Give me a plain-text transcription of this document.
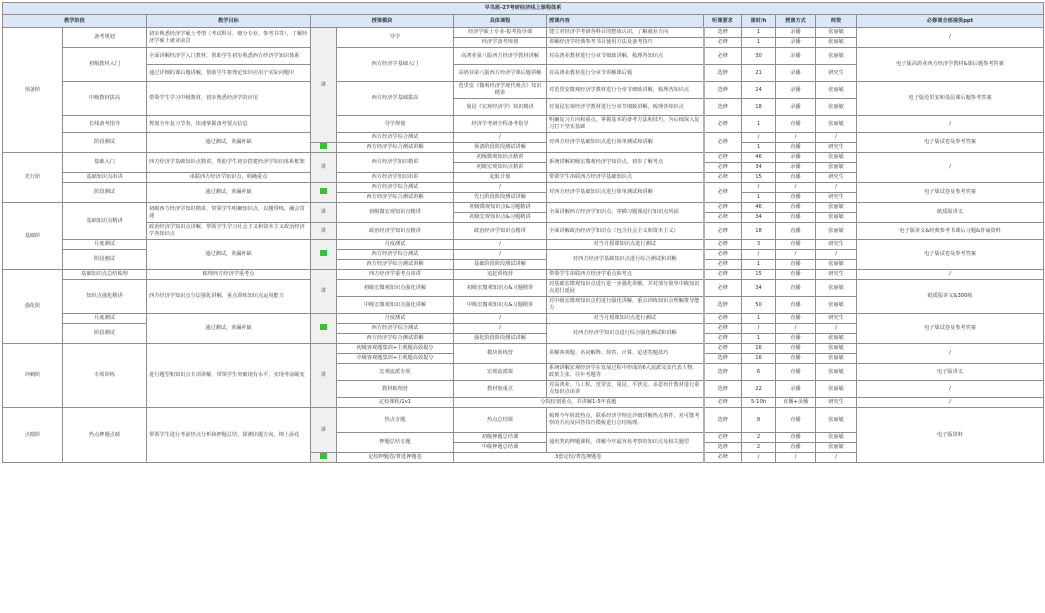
早鸟班-27考研经济线上课程体系											
教学阶段		教学目标	授课模块		具体课程	授课内容	听课要求	课时/h	授课方式	师资	必修课全部提供ppt
预备阶	备考规划	初步熟悉经济学硕士考情（考试科目、细分专业、参考书等），了解经济学硕士就业前景	讲	导学	经济学硕士专业-报考指导课	建立对经济学考研各科目的整体认识，了解就业方向	选修	1	录播	张丽敏	/
					经济学备考规划	讲解经济学经典参考书目使用方法及备考技巧	必修	1	录播	张丽敏	
	初级教材入门	全面讲解经济学入门教材，帮助学生初步熟悉西方经济学知识体系		西方经济学基础入门	高鸿业第八版西方经济学教材讲解	对高鸿业教材进行分章节细致讲解，梳理各知识点	必修	30	录播	张丽敏	电子版高鸿业西方经济学教材&课后题参考答案
		通过详细的课后题讲解，帮助学生将理论知识应用于实际问题中			高鸿业第八版西方经济学课后题讲解	对高鸿业教材进行分章节讲解课后题	选修	21	录播	研究生	
	中级教材拔高	带领学生学习中级教材，初步熟悉经济学的应用		西方经济学基础拔高	范里安《微观经济学现代观点》知识精讲	对范里安微观经济学教材进行分章节细致讲解，梳理各知识点	选修	24	录播	张丽敏	电子版范里安和曼昆课后题参考答案
					曼昆《宏观经济学》知识精讲	对曼昆宏观经济学教材进行分章节细致讲解，梳理各知识点	选修	18	录播	张丽敏	
	长线备考指导	规划全年复习节奏，快速掌握备考要点信息		导学规划	经济学考研全程备考指导	明确复习方向和重点，掌握基本的备考方法和技巧，为后续深入复习打下坚实基础	必修	1	直播	张丽敏	/
	阶段测试	通过测试，查漏补缺		西方经济学综合测试	/	对西方经济学基础知识点进行简单测试和讲解	必修	/	/	/	电子版试卷及参考答案
			测	西方经济学综合测试讲解	预备阶段阶段测试讲解			1	直播	研究生	

先行阶	基础入门	西方经济学基础知识点精讲，帮助学生初步搭建经济学知识体系框架	讲	西方经济学知识精讲	初级微观知识点精讲	系统讲解初级宏微观经济学知识点，初步了解考点	必修	46	录播	张丽敏	/
					初级宏观知识点精讲		必修	34	录播	张丽敏	
	基础知识点串讲	串联西方经济学知识点，明确重点		西方经济学知识串讲	起航计划	带领学生串联西方经济学基础知识点	必修	15	直播	研究生	
	阶段测试	通过测试，查漏补缺	测	西方经济学综合测试	/	对西方经济学基础知识点进行简单测试和讲解	必修	/	/	/	电子版试卷及参考答案
				西方经济学综合测试讲解	先行阶段阶段测试讲解			1	直播	研究生	
基础阶	基础知识点精讲	初级西方经济学知识精讲，带领学生明确知识点，以题带练，融会贯通	讲	初级微宏观知识点精讲	初级微观知识点&习题精讲	全面讲解西方经济学知识点，穿插习题课进行知识点巩固	必修	46	直播	张丽敏	纸质版讲义
					初级宏观知识点&习题精讲		必修	34	直播	张丽敏	
		政治经济学知识点讲解，带领学生学习社会主义和资本主义政治经济学各知识点	讲	政治经济学知识点精讲	政治经济学知识点精讲	全面讲解政治经济学知识点（包含社会主义和资本主义）	必修	18	直播	张丽敏	电子版讲义&经典参考书课后习题&背诵资料
	月度测试	通过测试，查漏补缺	测	月度测试	/	对当月授课知识点进行测试	必修	3	直播	研究生	电子版试卷及参考答案
	阶段测试			西方经济学综合测试	/	对西方经济学基础知识点进行综合测试和讲解	必修	/	/	/	
				西方经济学综合测试讲解	基础阶段阶段测试讲解		必修	1	直播	张丽敏	
强化阶	基础知识点总结梳理	梳理西方经济学重考点	讲	西方经济学重考点串讲	追赶训练营	带领学生串联西方经济学重点和考点	必修	15	直播	研究生	/
	知识点强化精讲	西方经济学知识点分层强化讲解，重点训练知识点运用能力		初级宏微观知识点强化讲解	初级宏微观知识点&习题精讲	对基础宏微观知识点进行进一步强化讲解，并对部分简单中级知识点进行延展	必修	34	直播	张丽敏	纸质版讲义&300练
				中级宏微观知识点强化讲解	中级宏微观知识点&习题精讲	对中级宏微观知识点的进行强化讲解，重点训练知识点理解推导能力	选修	50	直播	张丽敏	
	月度测试	通过测试，查漏补缺	测	月度测试	/	对当月授课知识点进行测试	必修	1	直播	研究生	电子版试卷及参考答案
	阶段测试			西方经济学综合测试	/	对西方经济学知识点进行综合强化测试和讲解	必修	/	/	/	
				西方经济学综合测试讲解	强化阶段阶段测试讲解		必修	1	直播	张丽敏	
冲刺阶	专项训练	进行题型和知识点专项讲解，带领学生突破现有水平，实现考前蜕变	讲	初级客观题集训+主观题高效提分	模块训练营	讲解客观题、名词解释、简答、计算、论述答题技巧	必修	16	直播	张丽敏	/
				中级客观题集训+主观题高效提分			选修	16	直播	张丽敏	
				宏观流派专项	宏观流派课	系统讲解宏观经济学在发展过程中形成的6大流派及其代表人物、政策主张、往年考题等	选修	6	直播	张丽敏	电子版讲义
				教材梳理营	教材划重点	对高鸿业、马工程、范里安、曼昆、平狄克、多恩布什教材进行重点知识点串讲	选修	22	录播	张丽敏	/
				定校课程/1v1	分院校划重点，并讲解1-5年真题		必修	5-10h	直播+录播	研究生	/
点睛阶	热点押题点睛	带领学生进行考前热点分析和押题总结，探测出题方向，锦上添花	讲	热点专题	热点总结课	梳理今年时政热点，联系经济学理论详细讲解热点事件，对可能考察的方向及回答技巧模板进行总结梳理。	选修	8	直播	张丽敏	电子版资料
				押题总结专题	初级押题总结课	通用类的押题课程，讲解今年最容易考察的知识点及相关题型	必修	2	直播	张丽敏	
					中级押题总结课		选修	2	直播	张丽敏	
			测	定校押题卷/菁选押题卷	3套定校/菁选押题卷		必修	/	/	/	
